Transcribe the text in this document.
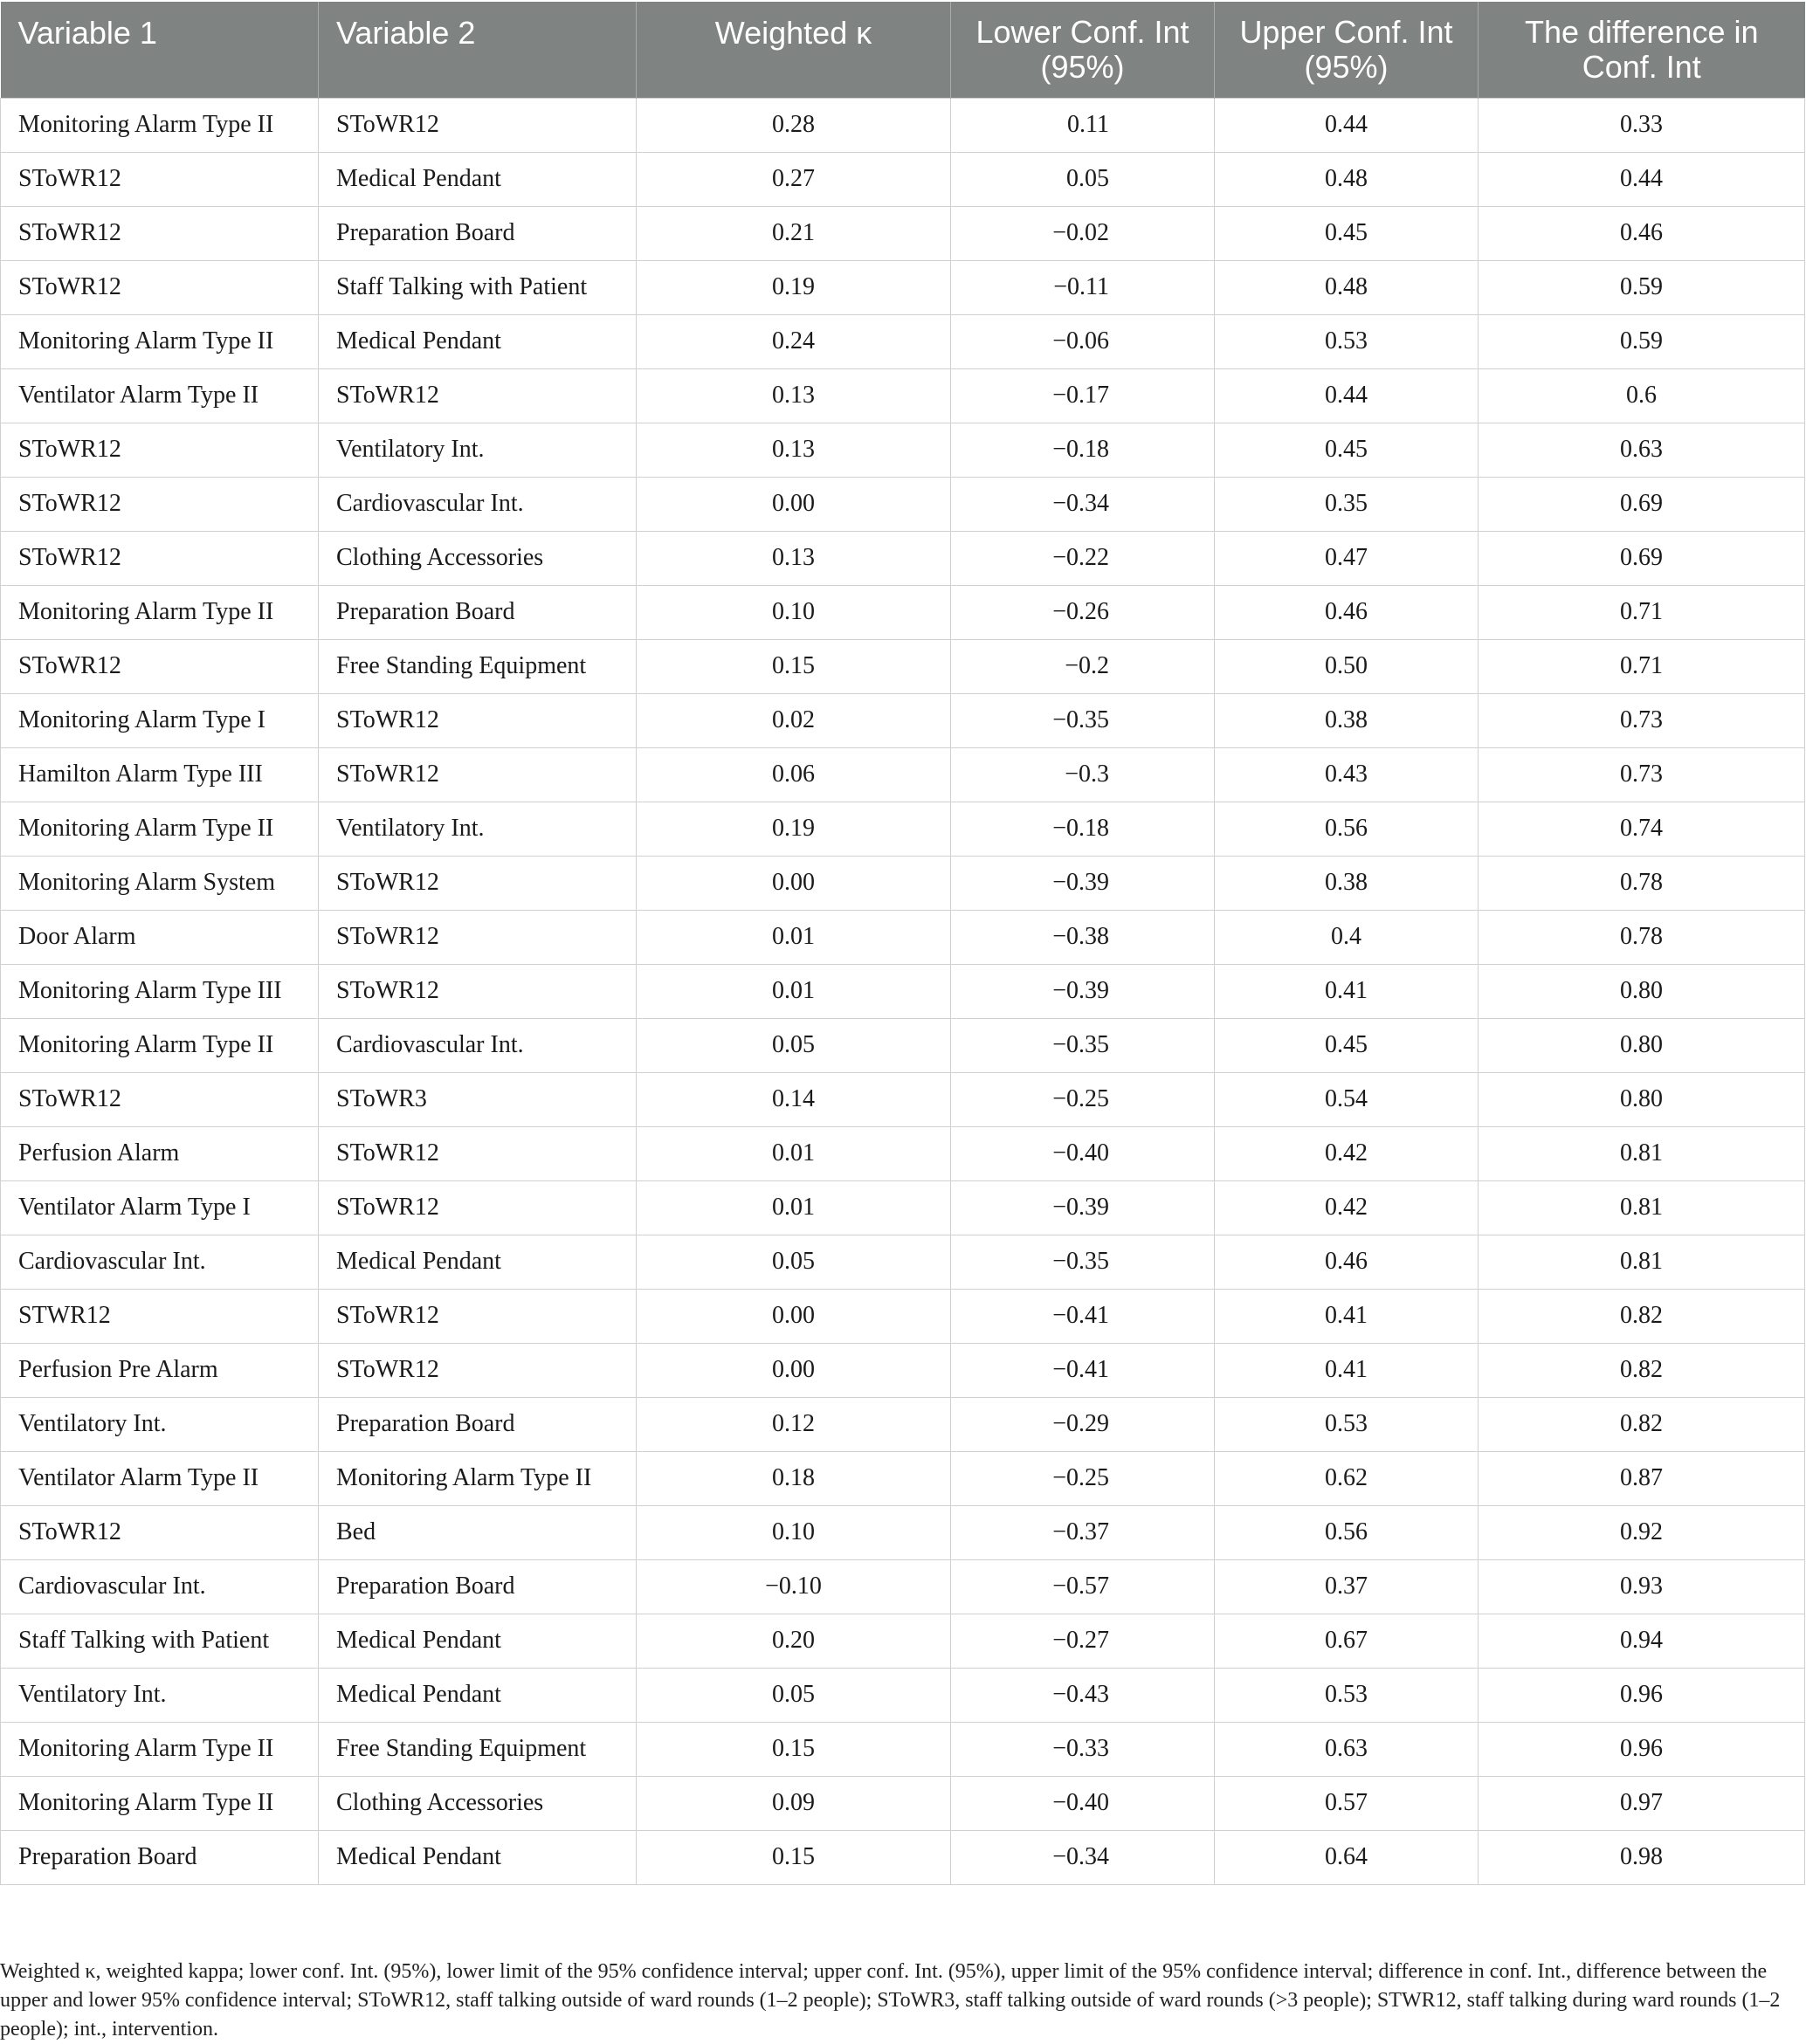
Variable 1	Variable 2	Weighted κ	Lower Conf. Int (95%)	Upper Conf. Int (95%)	The difference in Conf. Int
Monitoring Alarm Type II	SToWR12	0.28	0.11	0.44	0.33
SToWR12	Medical Pendant	0.27	0.05	0.48	0.44
SToWR12	Preparation Board	0.21	−0.02	0.45	0.46
SToWR12	Staff Talking with Patient	0.19	−0.11	0.48	0.59
Monitoring Alarm Type II	Medical Pendant	0.24	−0.06	0.53	0.59
Ventilator Alarm Type II	SToWR12	0.13	−0.17	0.44	0.6
SToWR12	Ventilatory Int.	0.13	−0.18	0.45	0.63
SToWR12	Cardiovascular Int.	0.00	−0.34	0.35	0.69
SToWR12	Clothing Accessories	0.13	−0.22	0.47	0.69
Monitoring Alarm Type II	Preparation Board	0.10	−0.26	0.46	0.71
SToWR12	Free Standing Equipment	0.15	−0.2	0.50	0.71
Monitoring Alarm Type I	SToWR12	0.02	−0.35	0.38	0.73
Hamilton Alarm Type III	SToWR12	0.06	−0.3	0.43	0.73
Monitoring Alarm Type II	Ventilatory Int.	0.19	−0.18	0.56	0.74
Monitoring Alarm System	SToWR12	0.00	−0.39	0.38	0.78
Door Alarm	SToWR12	0.01	−0.38	0.4	0.78
Monitoring Alarm Type III	SToWR12	0.01	−0.39	0.41	0.80
Monitoring Alarm Type II	Cardiovascular Int.	0.05	−0.35	0.45	0.80
SToWR12	SToWR3	0.14	−0.25	0.54	0.80
Perfusion Alarm	SToWR12	0.01	−0.40	0.42	0.81
Ventilator Alarm Type I	SToWR12	0.01	−0.39	0.42	0.81
Cardiovascular Int.	Medical Pendant	0.05	−0.35	0.46	0.81
STWR12	SToWR12	0.00	−0.41	0.41	0.82
Perfusion Pre Alarm	SToWR12	0.00	−0.41	0.41	0.82
Ventilatory Int.	Preparation Board	0.12	−0.29	0.53	0.82
Ventilator Alarm Type II	Monitoring Alarm Type II	0.18	−0.25	0.62	0.87
SToWR12	Bed	0.10	−0.37	0.56	0.92
Cardiovascular Int.	Preparation Board	−0.10	−0.57	0.37	0.93
Staff Talking with Patient	Medical Pendant	0.20	−0.27	0.67	0.94
Ventilatory Int.	Medical Pendant	0.05	−0.43	0.53	0.96
Monitoring Alarm Type II	Free Standing Equipment	0.15	−0.33	0.63	0.96
Monitoring Alarm Type II	Clothing Accessories	0.09	−0.40	0.57	0.97
Preparation Board	Medical Pendant	0.15	−0.34	0.64	0.98

Weighted κ, weighted kappa; lower conf. Int. (95%), lower limit of the 95% confidence interval; upper conf. Int. (95%), upper limit of the 95% confidence interval; difference in conf. Int., difference between the upper and lower 95% confidence interval; SToWR12, staff talking outside of ward rounds (1–2 people); SToWR3, staff talking outside of ward rounds (>3 people); STWR12, staff talking during ward rounds (1–2 people); int., intervention.
